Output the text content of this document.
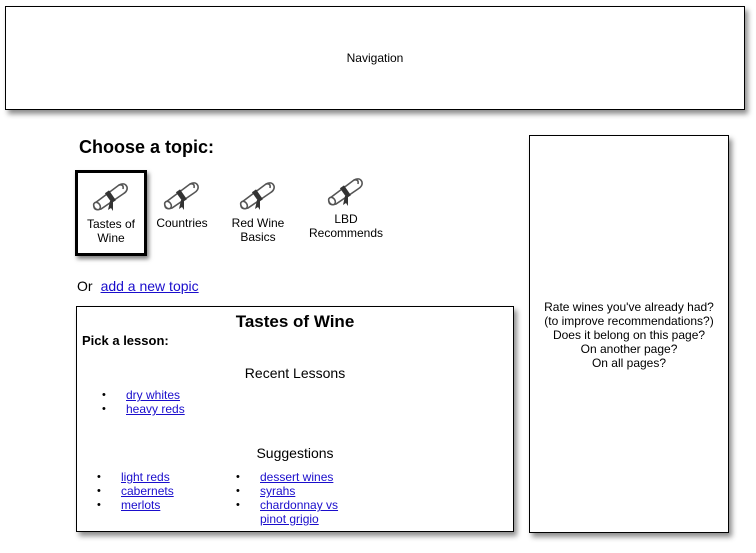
Navigation
Choose a topic:
Tastes of
Wine
Countries	Red Wine
Basics
LBD
Recommends
Or add a new topic
Tastes of Wine
Pick a lesson:
Recent Lessons
• dry whites
• heavy reds
Suggestions
• light reds
• cabernets
• merlots
• dessert wines
• syrahs
• chardonnay vs
pinot grigio
Rate wines you've already had?
(to improve recommendations?)
Does it belong on this page?
On another page?
On all pages?
